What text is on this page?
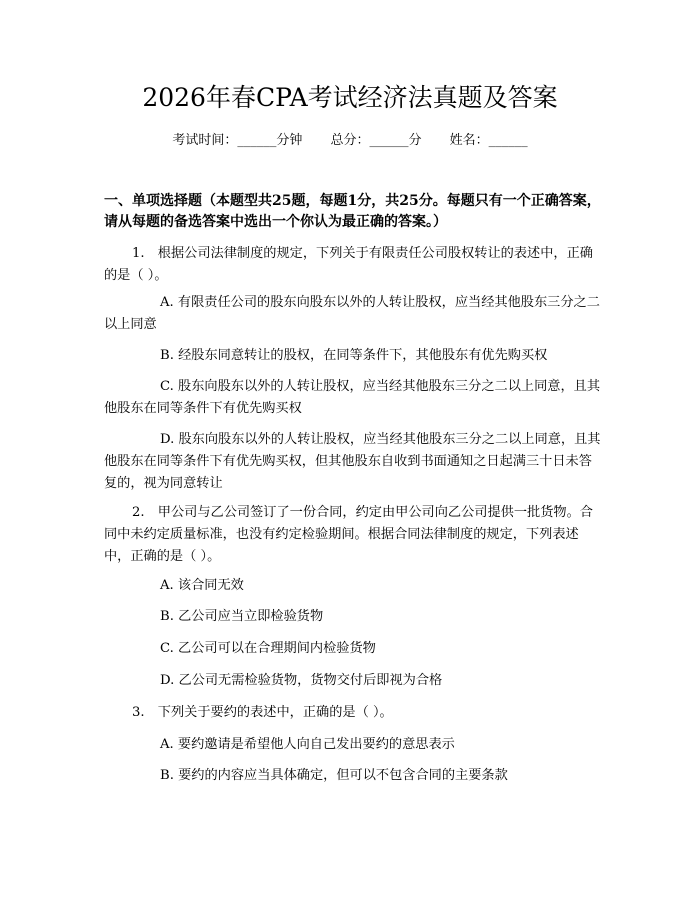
2026年春CPA考试经济法真题及答案
考试时间：______分钟 总分：______分 姓名：______
一、单项选择题（本题型共25题，每题1分，共25分。每题只有一个正确答案，请从每题的备选答案中选出一个你认为最正确的答案。）
1.　根据公司法律制度的规定，下列关于有限责任公司股权转让的表述中，正确的是（ ）。
A. 有限责任公司的股东向股东以外的人转让股权，应当经其他股东三分之二以上同意
B. 经股东同意转让的股权，在同等条件下，其他股东有优先购买权
C. 股东向股东以外的人转让股权，应当经其他股东三分之二以上同意，且其他股东在同等条件下有优先购买权
D. 股东向股东以外的人转让股权，应当经其他股东三分之二以上同意，且其他股东在同等条件下有优先购买权，但其他股东自收到书面通知之日起满三十日未答复的，视为同意转让
2.　甲公司与乙公司签订了一份合同，约定由甲公司向乙公司提供一批货物。合同中未约定质量标准，也没有约定检验期间。根据合同法律制度的规定，下列表述中，正确的是（ ）。
A. 该合同无效
B. 乙公司应当立即检验货物
C. 乙公司可以在合理期间内检验货物
D. 乙公司无需检验货物，货物交付后即视为合格
3.　下列关于要约的表述中，正确的是（ ）。
A. 要约邀请是希望他人向自己发出要约的意思表示
B. 要约的内容应当具体确定，但可以不包含合同的主要条款
